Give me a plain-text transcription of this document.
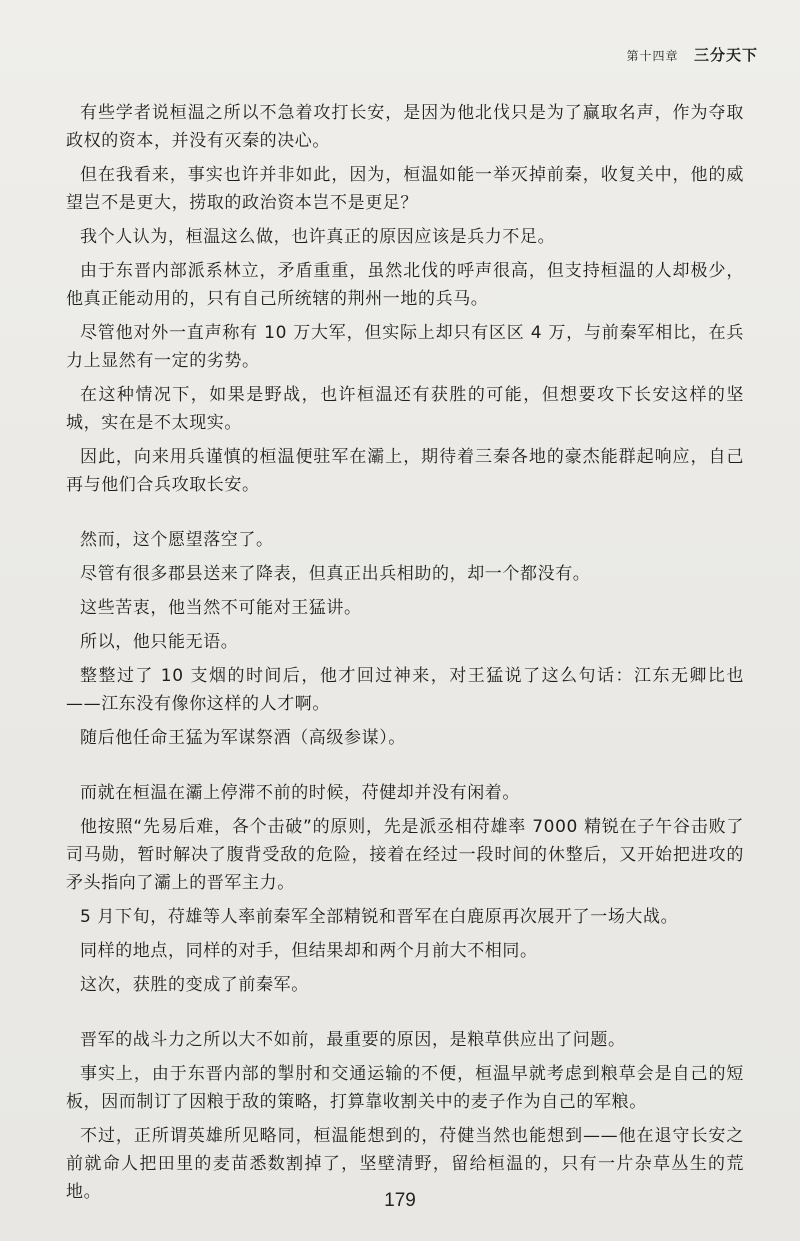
第十四章 三分天下

有些学者说桓温之所以不急着攻打长安，是因为他北伐只是为了赢取名声，作为夺取政权的资本，并没有灭秦的决心。

但在我看来，事实也许并非如此，因为，桓温如能一举灭掉前秦，收复关中，他的威望岂不是更大，捞取的政治资本岂不是更足？

我个人认为，桓温这么做，也许真正的原因应该是兵力不足。

由于东晋内部派系林立，矛盾重重，虽然北伐的呼声很高，但支持桓温的人却极少，他真正能动用的，只有自己所统辖的荆州一地的兵马。

尽管他对外一直声称有 10 万大军，但实际上却只有区区 4 万，与前秦军相比，在兵力上显然有一定的劣势。

在这种情况下，如果是野战，也许桓温还有获胜的可能，但想要攻下长安这样的坚城，实在是不太现实。

因此，向来用兵谨慎的桓温便驻军在灞上，期待着三秦各地的豪杰能群起响应，自己再与他们合兵攻取长安。

然而，这个愿望落空了。

尽管有很多郡县送来了降表，但真正出兵相助的，却一个都没有。

这些苦衷，他当然不可能对王猛讲。

所以，他只能无语。

整整过了 10 支烟的时间后，他才回过神来，对王猛说了这么句话：江东无卿比也——江东没有像你这样的人才啊。

随后他任命王猛为军谋祭酒（高级参谋）。

而就在桓温在灞上停滞不前的时候，苻健却并没有闲着。

他按照“先易后难，各个击破”的原则，先是派丞相苻雄率 7000 精锐在子午谷击败了司马勋，暂时解决了腹背受敌的危险，接着在经过一段时间的休整后，又开始把进攻的矛头指向了灞上的晋军主力。

5 月下旬，苻雄等人率前秦军全部精锐和晋军在白鹿原再次展开了一场大战。

同样的地点，同样的对手，但结果却和两个月前大不相同。

这次，获胜的变成了前秦军。

晋军的战斗力之所以大不如前，最重要的原因，是粮草供应出了问题。

事实上，由于东晋内部的掣肘和交通运输的不便，桓温早就考虑到粮草会是自己的短板，因而制订了因粮于敌的策略，打算靠收割关中的麦子作为自己的军粮。

不过，正所谓英雄所见略同，桓温能想到的，苻健当然也能想到——他在退守长安之前就命人把田里的麦苗悉数割掉了，坚壁清野，留给桓温的，只有一片杂草丛生的荒地。	179
